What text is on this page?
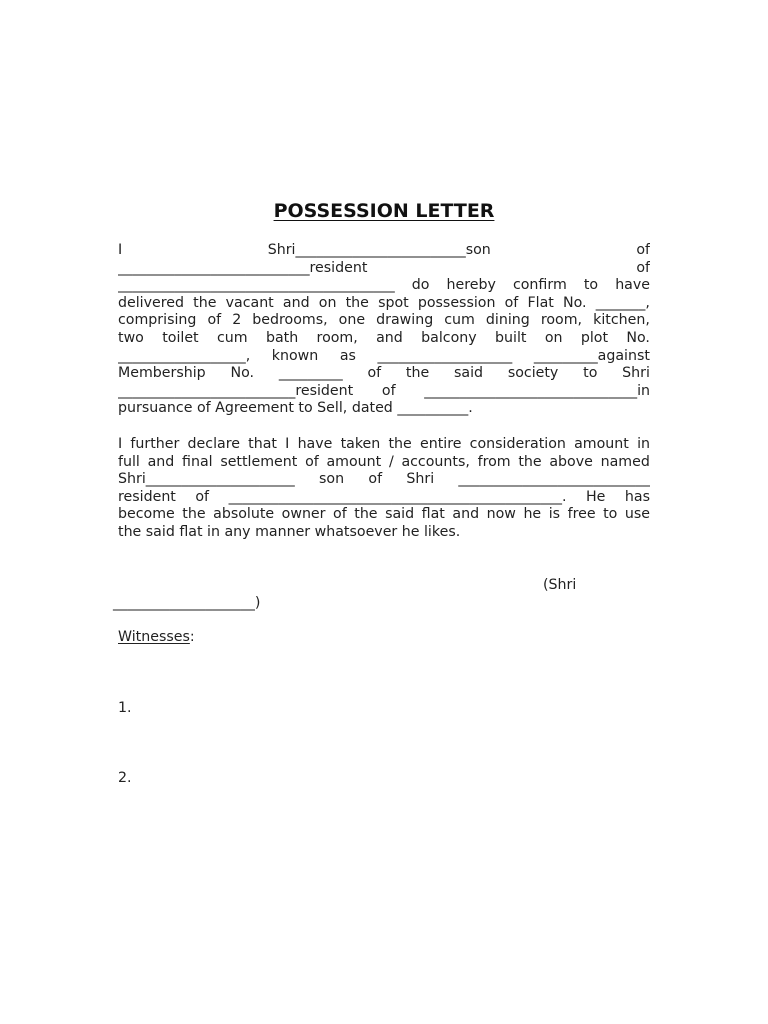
POSSESSION LETTER
I	Shri________________________son	of
___________________________resident	of
_______________________________________ do hereby confirm to have
delivered the vacant and on the spot possession of Flat No. _______,
comprising of 2 bedrooms, one drawing cum dining room, kitchen,
two toilet cum bath room, and balcony built on plot No.
__________________, known as ___________________ _________against
Membership No. _________ of the said society to Shri
_________________________resident of ______________________________in
pursuance of Agreement to Sell, dated __________.
I further declare that I have taken the entire consideration amount in
full and final settlement of amount / accounts, from the above named
Shri_____________________ son of Shri ___________________________
resident of _______________________________________________. He has
become the absolute owner of the said flat and now he is free to use
the said flat in any manner whatsoever he likes.
(Shri
____________________)
Witnesses:
1.
2.
